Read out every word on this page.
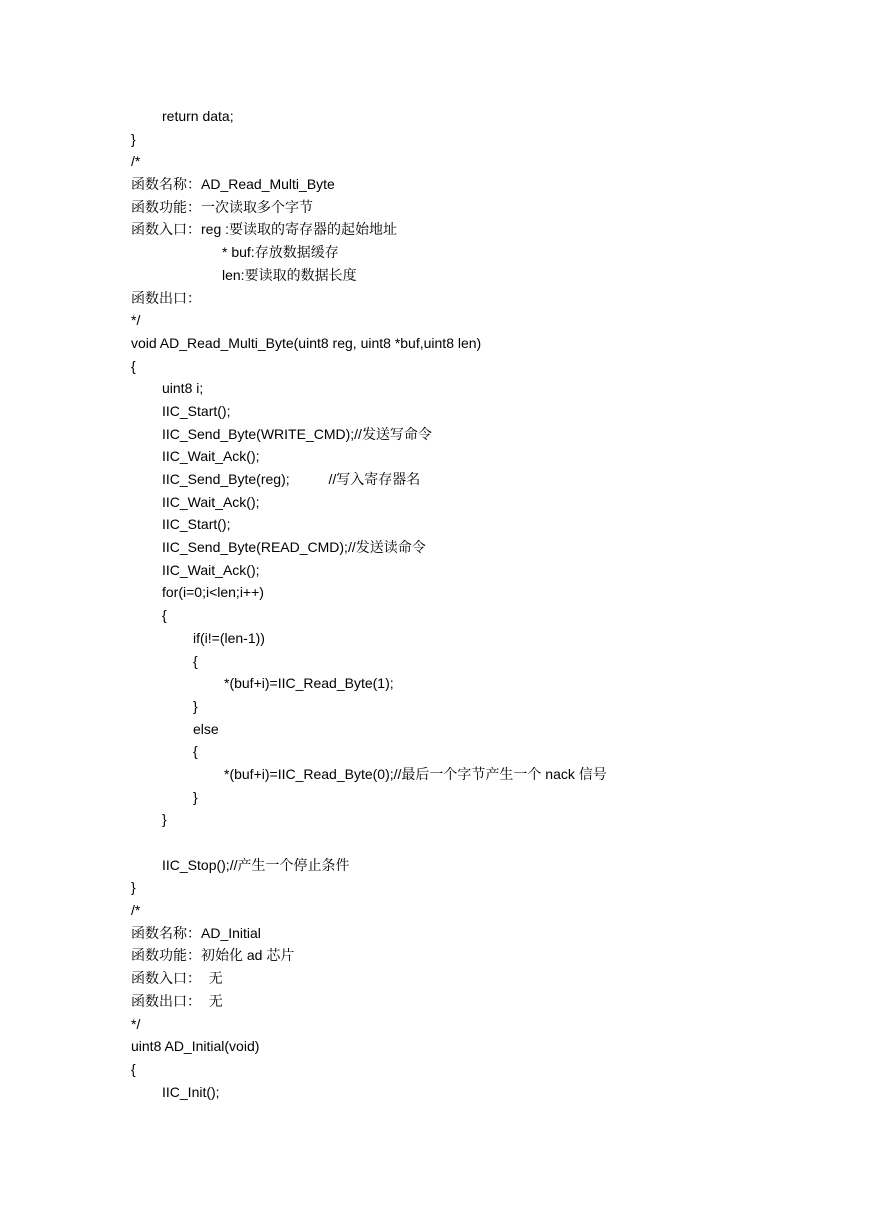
return data;
}
/*
函数名称：AD_Read_Multi_Byte
函数功能：一次读取多个字节
函数入口：reg :要读取的寄存器的起始地址
* buf:存放数据缓存
len:要读取的数据长度
函数出口：
*/
void AD_Read_Multi_Byte(uint8 reg, uint8 *buf,uint8 len)
{
uint8 i;
IIC_Start();
IIC_Send_Byte(WRITE_CMD);//发送写命令
IIC_Wait_Ack();
IIC_Send_Byte(reg);          //写入寄存器名
IIC_Wait_Ack();
IIC_Start();
IIC_Send_Byte(READ_CMD);//发送读命令
IIC_Wait_Ack();
for(i=0;i<len;i++)
{
if(i!=(len-1))
{
*(buf+i)=IIC_Read_Byte(1);
}
else
{
*(buf+i)=IIC_Read_Byte(0);//最后一个字节产生一个 nack 信号
}
}
IIC_Stop();//产生一个停止条件
}
/*
函数名称：AD_Initial
函数功能：初始化 ad 芯片
函数入口：  无
函数出口：  无
*/
uint8 AD_Initial(void)
{
IIC_Init();
